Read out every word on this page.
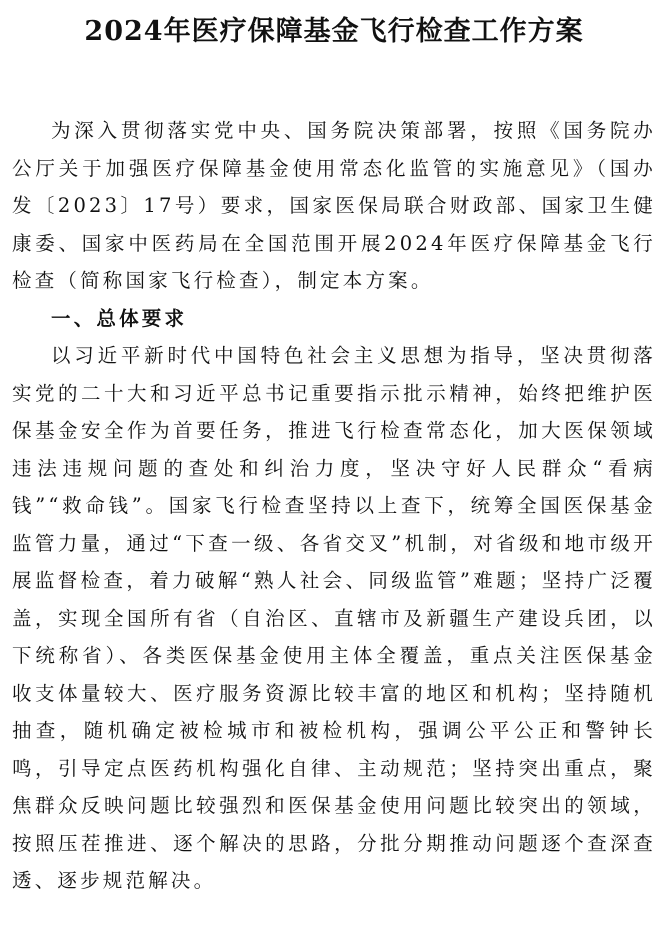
2024年医疗保障基金飞行检查工作方案

为深入贯彻落实党中央、国务院决策部署，按照《国务院办公厅关于加强医疗保障基金使用常态化监管的实施意见》（国办发〔2023〕17号）要求，国家医保局联合财政部、国家卫生健康委、国家中医药局在全国范围开展2024年医疗保障基金飞行检查（简称国家飞行检查），制定本方案。

一、总体要求

以习近平新时代中国特色社会主义思想为指导，坚决贯彻落实党的二十大和习近平总书记重要指示批示精神，始终把维护医保基金安全作为首要任务，推进飞行检查常态化，加大医保领域违法违规问题的查处和纠治力度，坚决守好人民群众“看病钱”“救命钱”。国家飞行检查坚持以上查下，统筹全国医保基金监管力量，通过“下查一级、各省交叉”机制，对省级和地市级开展监督检查，着力破解“熟人社会、同级监管”难题；坚持广泛覆盖，实现全国所有省（自治区、直辖市及新疆生产建设兵团，以下统称省）、各类医保基金使用主体全覆盖，重点关注医保基金收支体量较大、医疗服务资源比较丰富的地区和机构；坚持随机抽查，随机确定被检城市和被检机构，强调公平公正和警钟长鸣，引导定点医药机构强化自律、主动规范；坚持突出重点，聚焦群众反映问题比较强烈和医保基金使用问题比较突出的领域，按照压茬推进、逐个解决的思路，分批分期推动问题逐个查深查透、逐步规范解决。
